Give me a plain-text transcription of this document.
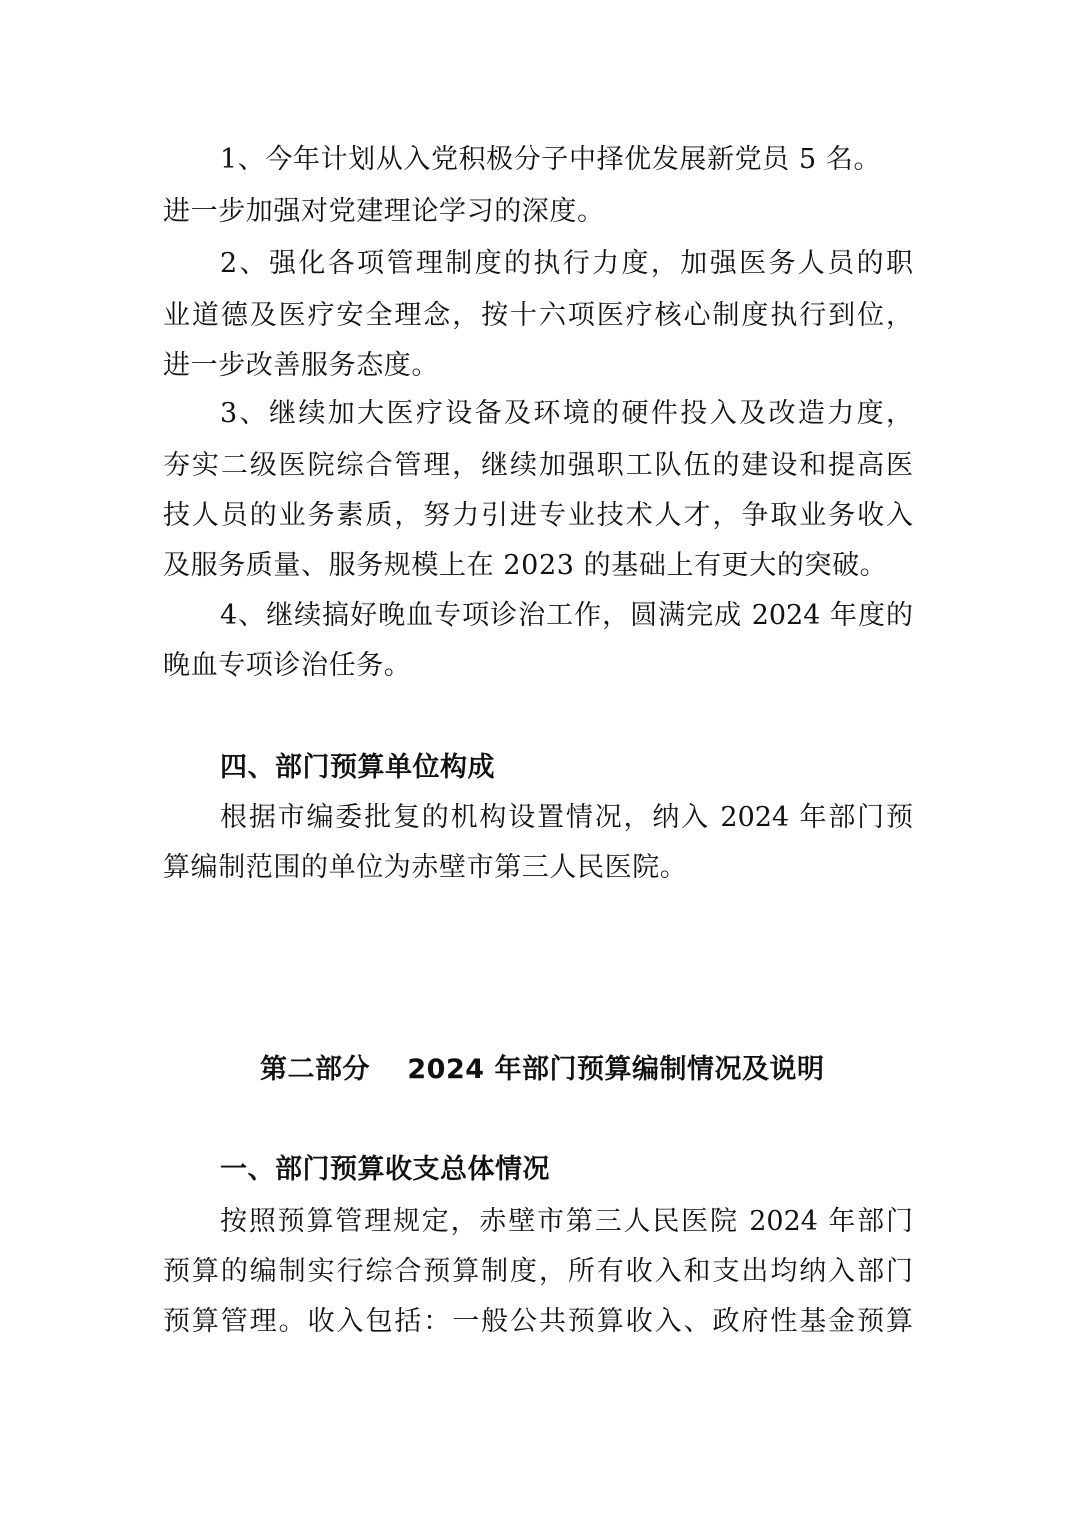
1、今年计划从入党积极分子中择优发展新党员 5 名。
进一步加强对党建理论学习的深度。
2、强化各项管理制度的执行力度，加强医务人员的职
业道德及医疗安全理念，按十六项医疗核心制度执行到位，
进一步改善服务态度。
3、继续加大医疗设备及环境的硬件投入及改造力度，
夯实二级医院综合管理，继续加强职工队伍的建设和提高医
技人员的业务素质，努力引进专业技术人才，争取业务收入
及服务质量、服务规模上在 2023 的基础上有更大的突破。
4、继续搞好晚血专项诊治工作，圆满完成 2024 年度的
晚血专项诊治任务。
四、部门预算单位构成
根据市编委批复的机构设置情况，纳入 2024 年部门预
算编制范围的单位为赤壁市第三人民医院。
第二部分　 2024 年部门预算编制情况及说明
一、部门预算收支总体情况
按照预算管理规定，赤壁市第三人民医院 2024 年部门
预算的编制实行综合预算制度，所有收入和支出均纳入部门
预算管理。收入包括：一般公共预算收入、政府性基金预算
